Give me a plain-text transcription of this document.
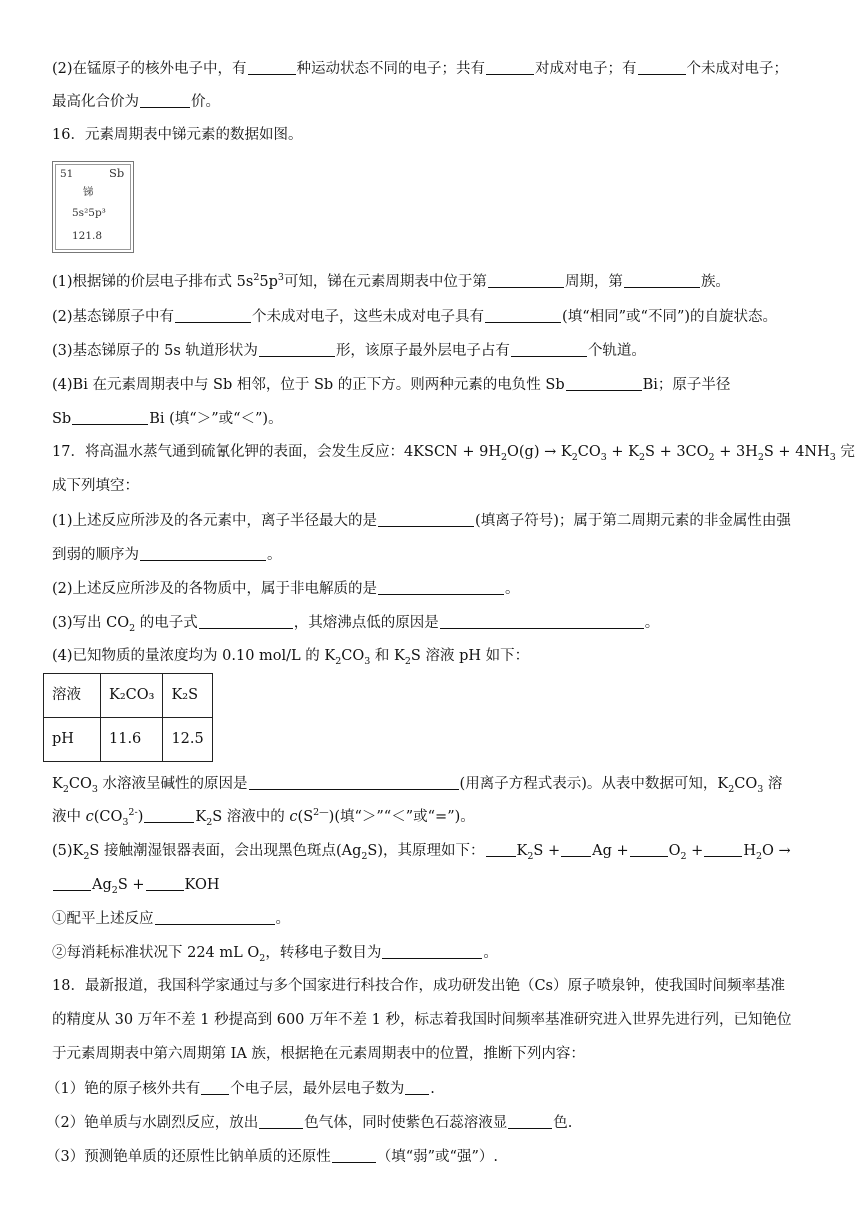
(2)在锰原子的核外电子中，有	种运动状态不同的电子；共有	对成对电子；有	个未成对电子；
最高化合价为	价。
16．元素周期表中锑元素的数据如图。
51	Sb
锑
5s²5p³
121.8
(1)根据锑的价层电子排布式 $5s^25p^3$可知，锑在元素周期表中位于第	周期，第	族。
(2)基态锑原子中有	个未成对电子，这些未成对电子具有	(填“相同”或“不同”)的自旋状态。
(3)基态锑原子的 5s 轨道形状为	形，该原子最外层电子占有	个轨道。
(4)Bi 在元素周期表中与 Sb 相邻，位于 Sb 的正下方。则两种元素的电负性 Sb	Bi；原子半径
Sb	Bi (填“＞”或“＜”)。
17．将高温水蒸气通到硫氰化钾的表面，会发生反应：4KSCN + $9H_2O(g) \to K_2CO_3 + K_2S + 3CO_2 + 3H_2S + 4NH_3$ 完
成下列填空：
(1)上述反应所涉及的各元素中，离子半径最大的是	(填离子符号)；属于第二周期元素的非金属性由强
到弱的顺序为	。
(2)上述反应所涉及的各物质中，属于非电解质的是	。
(3)写出 $CO_2$ 的电子式	，其熔沸点低的原因是	。
(4)已知物质的量浓度均为 0.10 mol/L 的 $K_2CO_3$ 和 $K_2S$ 溶液 pH 如下：
溶液	K₂CO₃	K₂S
pH	11.6	12.5
$K_2CO_3$ 水溶液呈碱性的原因是	(用离子方程式表示)。从表中数据可知，$K_2CO_3$ 溶
液中 $c(CO_3^{2-})$	$K_2S$ 溶液中的 $c(S^{2—})$(填“＞”“＜”或“=”)。
$(5)K_2S$ 接触潮湿银器表面，会出现黑色斑点$(Ag_2S)$，其原理如下： $K_2S + Ag$ +	$O_2$ +	$H_2O$ →
$Ag_2S$ +	KOH
①配平上述反应	。
②每消耗标准状况下 224 mL $O_2$，转移电子数目为	。
18．最新报道，我国科学家通过与多个国家进行科技合作，成功研发出铯（Cs）原子喷泉钟，使我国时间频率基准
的精度从 30 万年不差 1 秒提高到 600 万年不差 1 秒，标志着我国时间频率基准研究进入世界先进行列，已知铯位
于元素周期表中第六周期第 IA 族，根据艳在元素周期表中的位置，推断下列内容：
（1）铯的原子核外共有 个电子层，最外层电子数为 .
（2）铯单质与水剧烈反应，放出	色气体，同时使紫色石蕊溶液显	色.
（3）预测铯单质的还原性比钠单质的还原性	（填“弱”或“强”）.
